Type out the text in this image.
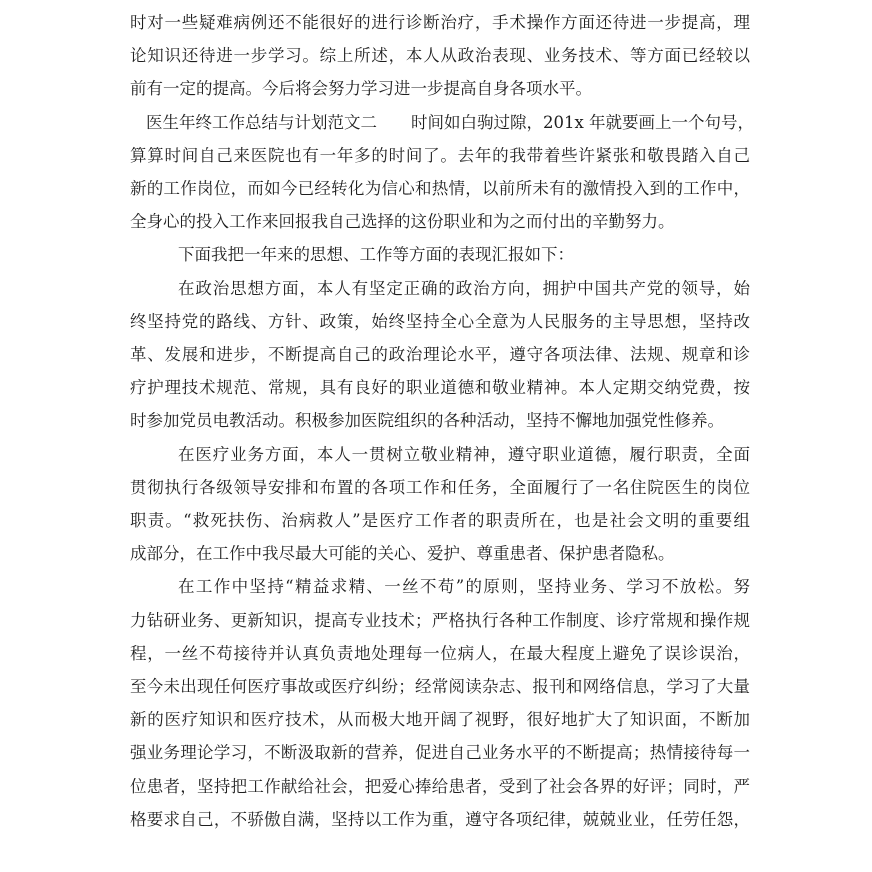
时对一些疑难病例还不能很好的进行诊断治疗，手术操作方面还待进一步提高，理
论知识还待进一步学习。综上所述，本人从政治表现、业务技术、等方面已经较以
前有一定的提高。今后将会努力学习进一步提高自身各项水平。
医生年终工作总结与计划范文二 时间如白驹过隙，201x 年就要画上一个句号，
算算时间自己来医院也有一年多的时间了。去年的我带着些许紧张和敬畏踏入自己
新的工作岗位，而如今已经转化为信心和热情，以前所未有的激情投入到的工作中，
全身心的投入工作来回报我自己选择的这份职业和为之而付出的辛勤努力。
下面我把一年来的思想、工作等方面的表现汇报如下：
在政治思想方面，本人有坚定正确的政治方向，拥护中国共产党的领导，始
终坚持党的路线、方针、政策，始终坚持全心全意为人民服务的主导思想，坚持改
革、发展和进步，不断提高自己的政治理论水平，遵守各项法律、法规、规章和诊
疗护理技术规范、常规，具有良好的职业道德和敬业精神。本人定期交纳党费，按
时参加党员电教活动。积极参加医院组织的各种活动，坚持不懈地加强党性修养。
在医疗业务方面，本人一贯树立敬业精神，遵守职业道德，履行职责，全面
贯彻执行各级领导安排和布置的各项工作和任务，全面履行了一名住院医生的岗位
职责。“救死扶伤、治病救人”是医疗工作者的职责所在，也是社会文明的重要组
成部分，在工作中我尽最大可能的关心、爱护、尊重患者、保护患者隐私。
在工作中坚持“精益求精、一丝不苟”的原则，坚持业务、学习不放松。努
力钻研业务、更新知识，提高专业技术；严格执行各种工作制度、诊疗常规和操作规
程，一丝不苟接待并认真负责地处理每一位病人，在最大程度上避免了误诊误治，
至今未出现任何医疗事故或医疗纠纷；经常阅读杂志、报刊和网络信息，学习了大量
新的医疗知识和医疗技术，从而极大地开阔了视野，很好地扩大了知识面，不断加
强业务理论学习，不断汲取新的营养，促进自己业务水平的不断提高；热情接待每一
位患者，坚持把工作献给社会，把爱心捧给患者，受到了社会各界的好评；同时，严
格要求自己，不骄傲自满，坚持以工作为重，遵守各项纪律，兢兢业业，任劳任怨，
